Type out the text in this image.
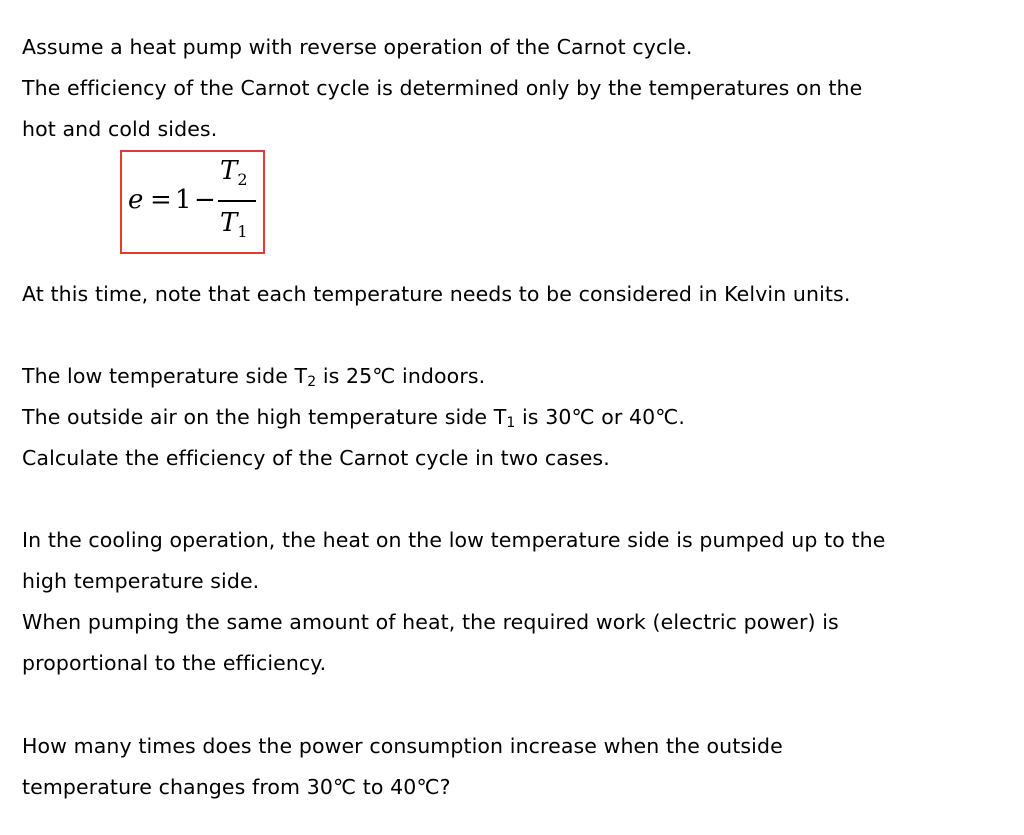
Assume a heat pump with reverse operation of the Carnot cycle.
The efficiency of the Carnot cycle is determined only by the temperatures on the
hot and cold sides.
e = 1 −
$T_2$
$T_1$
At this time, note that each temperature needs to be considered in Kelvin units.
The low temperature side T2 is 25℃ indoors.
The outside air on the high temperature side T1 is 30℃ or 40℃.
Calculate the efficiency of the Carnot cycle in two cases.
In the cooling operation, the heat on the low temperature side is pumped up to the
high temperature side.
When pumping the same amount of heat, the required work (electric power) is
proportional to the efficiency.
How many times does the power consumption increase when the outside
temperature changes from 30℃ to 40℃?
